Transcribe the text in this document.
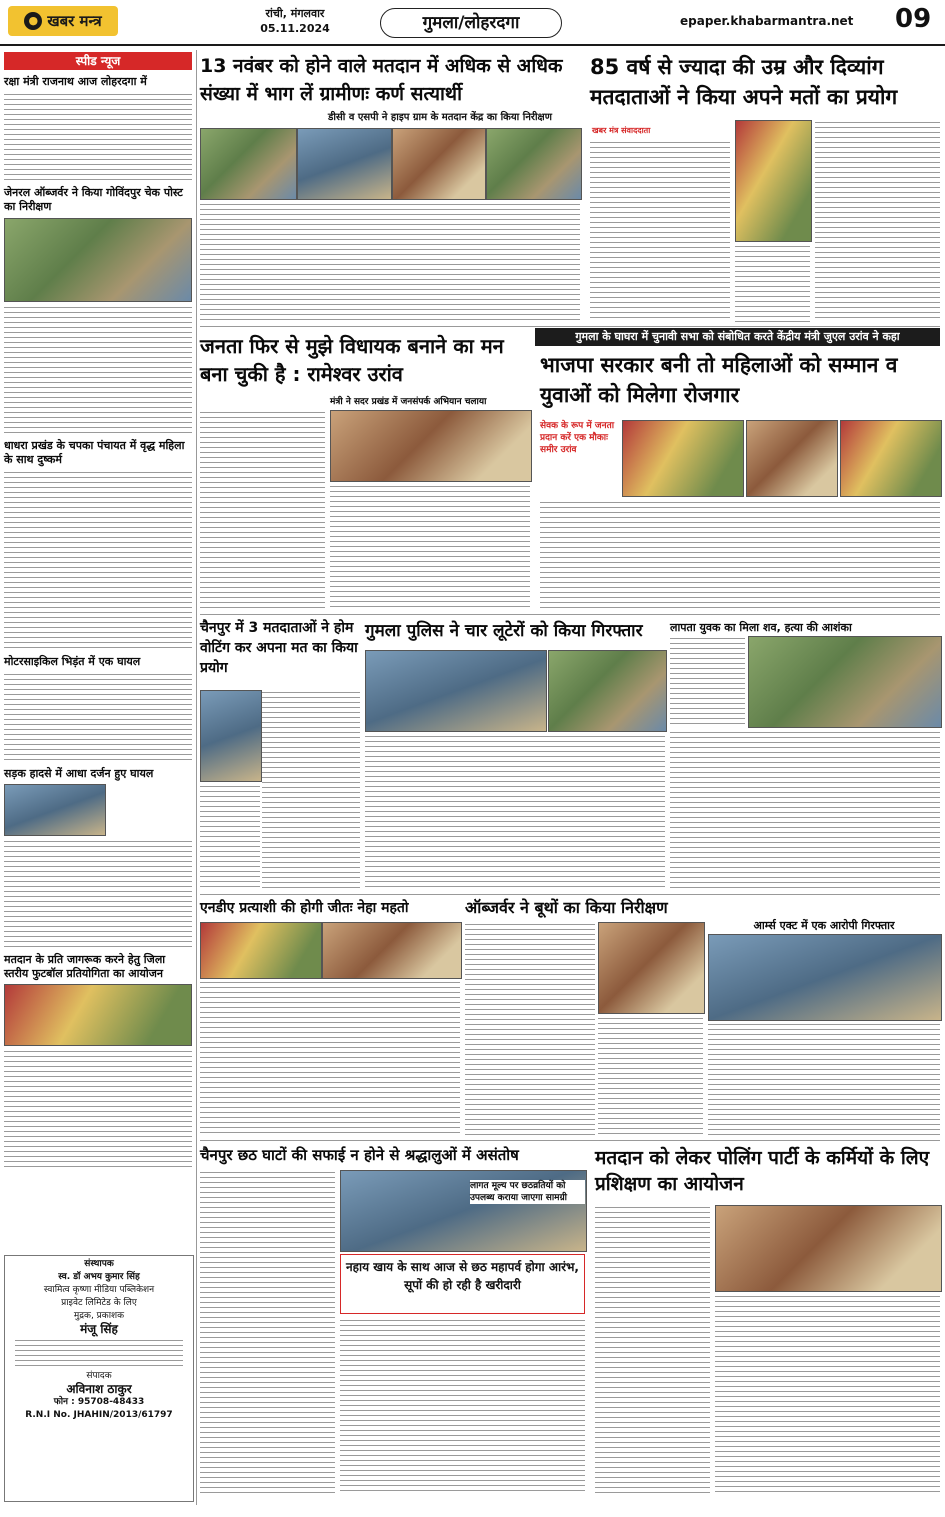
● खबर मन्त्र	रांची, मंगलवार
05.11.2024	गुमला/लोहरदगा	epaper.khabarmantra.net 09
स्पीड न्यूज
रक्षा मंत्री राजनाथ आज लोहरदगा में
जेनरल ऑब्जर्वर ने किया गोविंदपुर चेक पोस्ट का निरीक्षण
धाधरा प्रखंड के चपका पंचायत में वृद्ध महिला के साथ दुष्कर्म
मोटरसाइकिल भिड़ंत में एक घायल
सड़क हादसे में आधा दर्जन हुए घायल
मतदान के प्रति जागरूक करने हेतु जिला स्तरीय फुटबॉल प्रतियोगिता का आयोजन
संस्थापक
स्व. डॉ अभय कुमार सिंह
स्वामित्व कृष्णा मीडिया पब्लिकेशन
प्राइवेट लिमिटेड के लिए
मुद्रक, प्रकाशक
मंजू सिंह
संपादक
अविनाश ठाकुर
फोन : 95708-48433
R.N.I No. JHAHIN/2013/61797
13 नवंबर को होने वाले मतदान में अधिक से अधिक संख्या में भाग लें ग्रामीणः कर्ण सत्यार्थी
डीसी व एसपी ने हाइप ग्राम के मतदान केंद्र का किया निरीक्षण
85 वर्ष से ज्यादा की उम्र और दिव्यांग मतदाताओं ने किया अपने मतों का प्रयोग
खबर मंत्र संवाददाता
गुमला के घाघरा में चुनावी सभा को संबोधित करते केंद्रीय मंत्री जुएल उरांव ने कहा
जनता फिर से मुझे विधायक बनाने का मन बना चुकी है : रामेश्वर उरांव
मंत्री ने सदर प्रखंड में जनसंपर्क अभियान चलाया
भाजपा सरकार बनी तो महिलाओं को सम्मान व युवाओं को मिलेगा रोजगार
सेवक के रूप में जनता प्रदान करें एक मौकाः समीर उरांव
चैनपुर में 3 मतदाताओं ने होम वोटिंग कर अपना मत का किया प्रयोग
गुमला पुलिस ने चार लूटेरों को किया गिरफ्तार	लापता युवक का मिला शव, हत्या की आशंका
एनडीए प्रत्याशी की होगी जीतः नेहा महतो	ऑब्जर्वर ने बूथों का किया निरीक्षण
आर्म्स एक्ट में एक आरोपी गिरफ्तार
चैनपुर छठ घाटों की सफाई न होने से श्रद्धालुओं में असंतोष
नहाय खाय के साथ आज से छठ महापर्व होगा आरंभ, सूपों की हो रही है खरीदारी
लागत मूल्य पर छठव्रतियों को उपलब्ध कराया जाएगा सामग्री
मतदान को लेकर पोलिंग पार्टी के कर्मियों के लिए प्रशिक्षण का आयोजन
